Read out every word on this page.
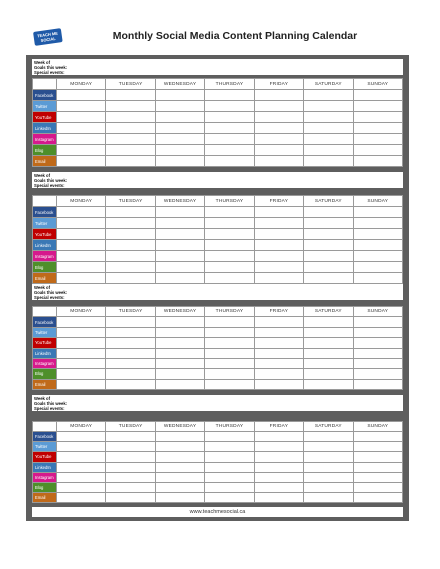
TEACH ME SOCIAL	Monthly Social Media Content Planning Calendar
www.teachmesocial.ca
Week of
Goals this week:
Special events:
	MONDAY	TUESDAY	WEDNESDAY	THURSDAY	FRIDAY	SATURDAY	SUNDAY
Facebook							
Twitter							
YouTube							
LinkedIn							
Instagram							
Blog							
Email							
Week of
Goals this week:
Special events:
	MONDAY	TUESDAY	WEDNESDAY	THURSDAY	FRIDAY	SATURDAY	SUNDAY
Facebook							
Twitter							
YouTube							
LinkedIn							
Instagram							
Blog							
Email							
Week of
Goals this week:
Special events:
	MONDAY	TUESDAY	WEDNESDAY	THURSDAY	FRIDAY	SATURDAY	SUNDAY
Facebook							
Twitter							
YouTube							
LinkedIn							
Instagram							
Blog							
Email							
Week of
Goals this week:
Special events:
	MONDAY	TUESDAY	WEDNESDAY	THURSDAY	FRIDAY	SATURDAY	SUNDAY
Facebook							
Twitter							
YouTube							
LinkedIn							
Instagram							
Blog							
Email							
